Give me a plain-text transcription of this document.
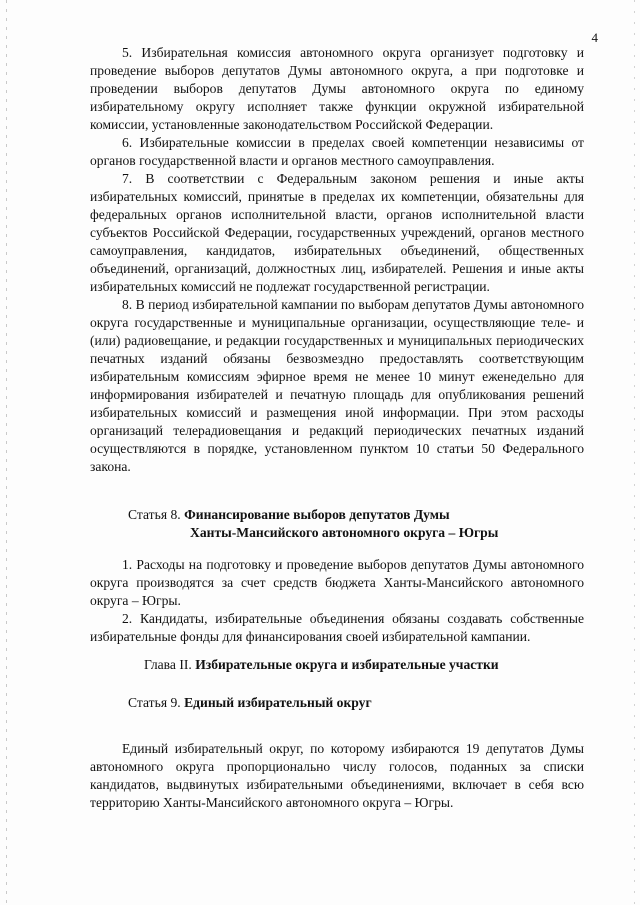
4

5. Избирательная комиссия автономного округа организует подготовку и проведение выборов депутатов Думы автономного округа, а при подготовке и проведении выборов депутатов Думы автономного округа по единому избирательному округу исполняет также функции окружной избирательной комиссии, установленные законодательством Российской Федерации.

6. Избирательные комиссии в пределах своей компетенции независимы от органов государственной власти и органов местного самоуправления.

7. В соответствии с Федеральным законом решения и иные акты избирательных комиссий, принятые в пределах их компетенции, обязательны для федеральных органов исполнительной власти, органов исполнительной власти субъектов Российской Федерации, государственных учреждений, органов местного самоуправления, кандидатов, избирательных объединений, общественных объединений, организаций, должностных лиц, избирателей. Решения и иные акты избирательных комиссий не подлежат государственной регистрации.

8. В период избирательной кампании по выборам депутатов Думы автономного округа государственные и муниципальные организации, осуществляющие теле- и (или) радиовещание, и редакции государственных и муниципальных периодических печатных изданий обязаны безвозмездно предоставлять соответствующим избирательным комиссиям эфирное время не менее 10 минут еженедельно для информирования избирателей и печатную площадь для опубликования решений избирательных комиссий и размещения иной информации. При этом расходы организаций телерадиовещания и редакций периодических печатных изданий осуществляются в порядке, установленном пунктом 10 статьи 50 Федерального закона.

Статья 8. Финансирование выборов депутатов Думы
Ханты-Мансийского автономного округа – Югры

1. Расходы на подготовку и проведение выборов депутатов Думы автономного округа производятся за счет средств бюджета Ханты-Мансийского автономного округа – Югры.

2. Кандидаты, избирательные объединения обязаны создавать собственные избирательные фонды для финансирования своей избирательной кампании.

Глава II. Избирательные округа и избирательные участки
Статья 9. Единый избирательный округ

Единый избирательный округ, по которому избираются 19 депутатов Думы автономного округа пропорционально числу голосов, поданных за списки кандидатов, выдвинутых избирательными объединениями, включает в себя всю территорию Ханты-Мансийского автономного округа – Югры.
